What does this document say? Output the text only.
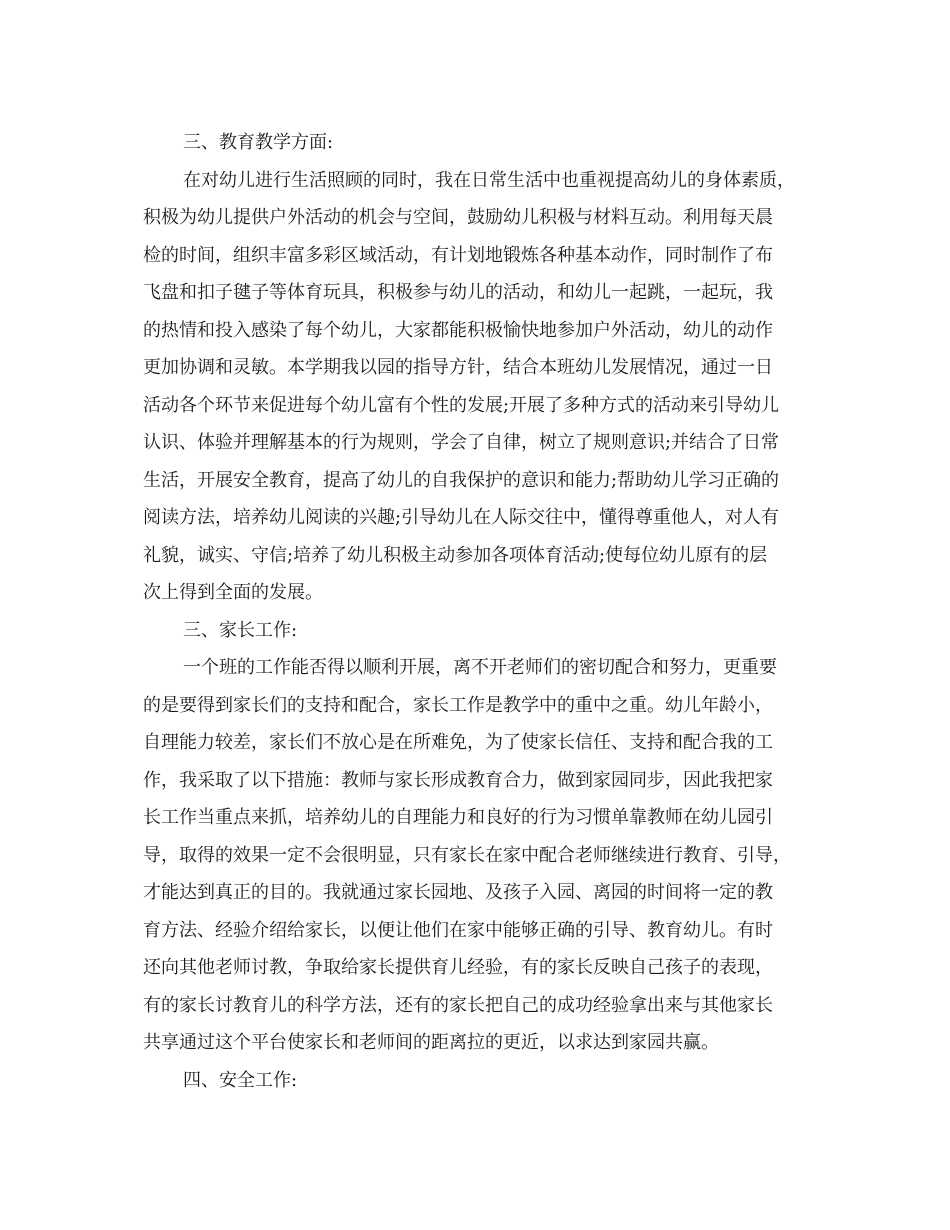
三、教育教学方面:
在对幼儿进行生活照顾的同时，我在日常生活中也重视提高幼儿的身体素质，
积极为幼儿提供户外活动的机会与空间，鼓励幼儿积极与材料互动。利用每天晨
检的时间，组织丰富多彩区域活动，有计划地锻炼各种基本动作，同时制作了布
飞盘和扣子毽子等体育玩具，积极参与幼儿的活动，和幼儿一起跳，一起玩，我
的热情和投入感染了每个幼儿，大家都能积极愉快地参加户外活动，幼儿的动作
更加协调和灵敏。本学期我以园的指导方针，结合本班幼儿发展情况，通过一日
活动各个环节来促进每个幼儿富有个性的发展;开展了多种方式的活动来引导幼儿
认识、体验并理解基本的行为规则，学会了自律，树立了规则意识;并结合了日常
生活，开展安全教育，提高了幼儿的自我保护的意识和能力;帮助幼儿学习正确的
阅读方法，培养幼儿阅读的兴趣;引导幼儿在人际交往中，懂得尊重他人，对人有
礼貌，诚实、守信;培养了幼儿积极主动参加各项体育活动;使每位幼儿原有的层
次上得到全面的发展。
三、家长工作:
一个班的工作能否得以顺利开展，离不开老师们的密切配合和努力，更重要
的是要得到家长们的支持和配合，家长工作是教学中的重中之重。幼儿年龄小，
自理能力较差，家长们不放心是在所难免，为了使家长信任、支持和配合我的工
作，我采取了以下措施：教师与家长形成教育合力，做到家园同步，因此我把家
长工作当重点来抓，培养幼儿的自理能力和良好的行为习惯单靠教师在幼儿园引
导，取得的效果一定不会很明显，只有家长在家中配合老师继续进行教育、引导，
才能达到真正的目的。我就通过家长园地、及孩子入园、离园的时间将一定的教
育方法、经验介绍给家长，以便让他们在家中能够正确的引导、教育幼儿。有时
还向其他老师讨教，争取给家长提供育儿经验，有的家长反映自己孩子的表现，
有的家长讨教育儿的科学方法，还有的家长把自己的成功经验拿出来与其他家长
共享通过这个平台使家长和老师间的距离拉的更近，以求达到家园共赢。
四、安全工作:
